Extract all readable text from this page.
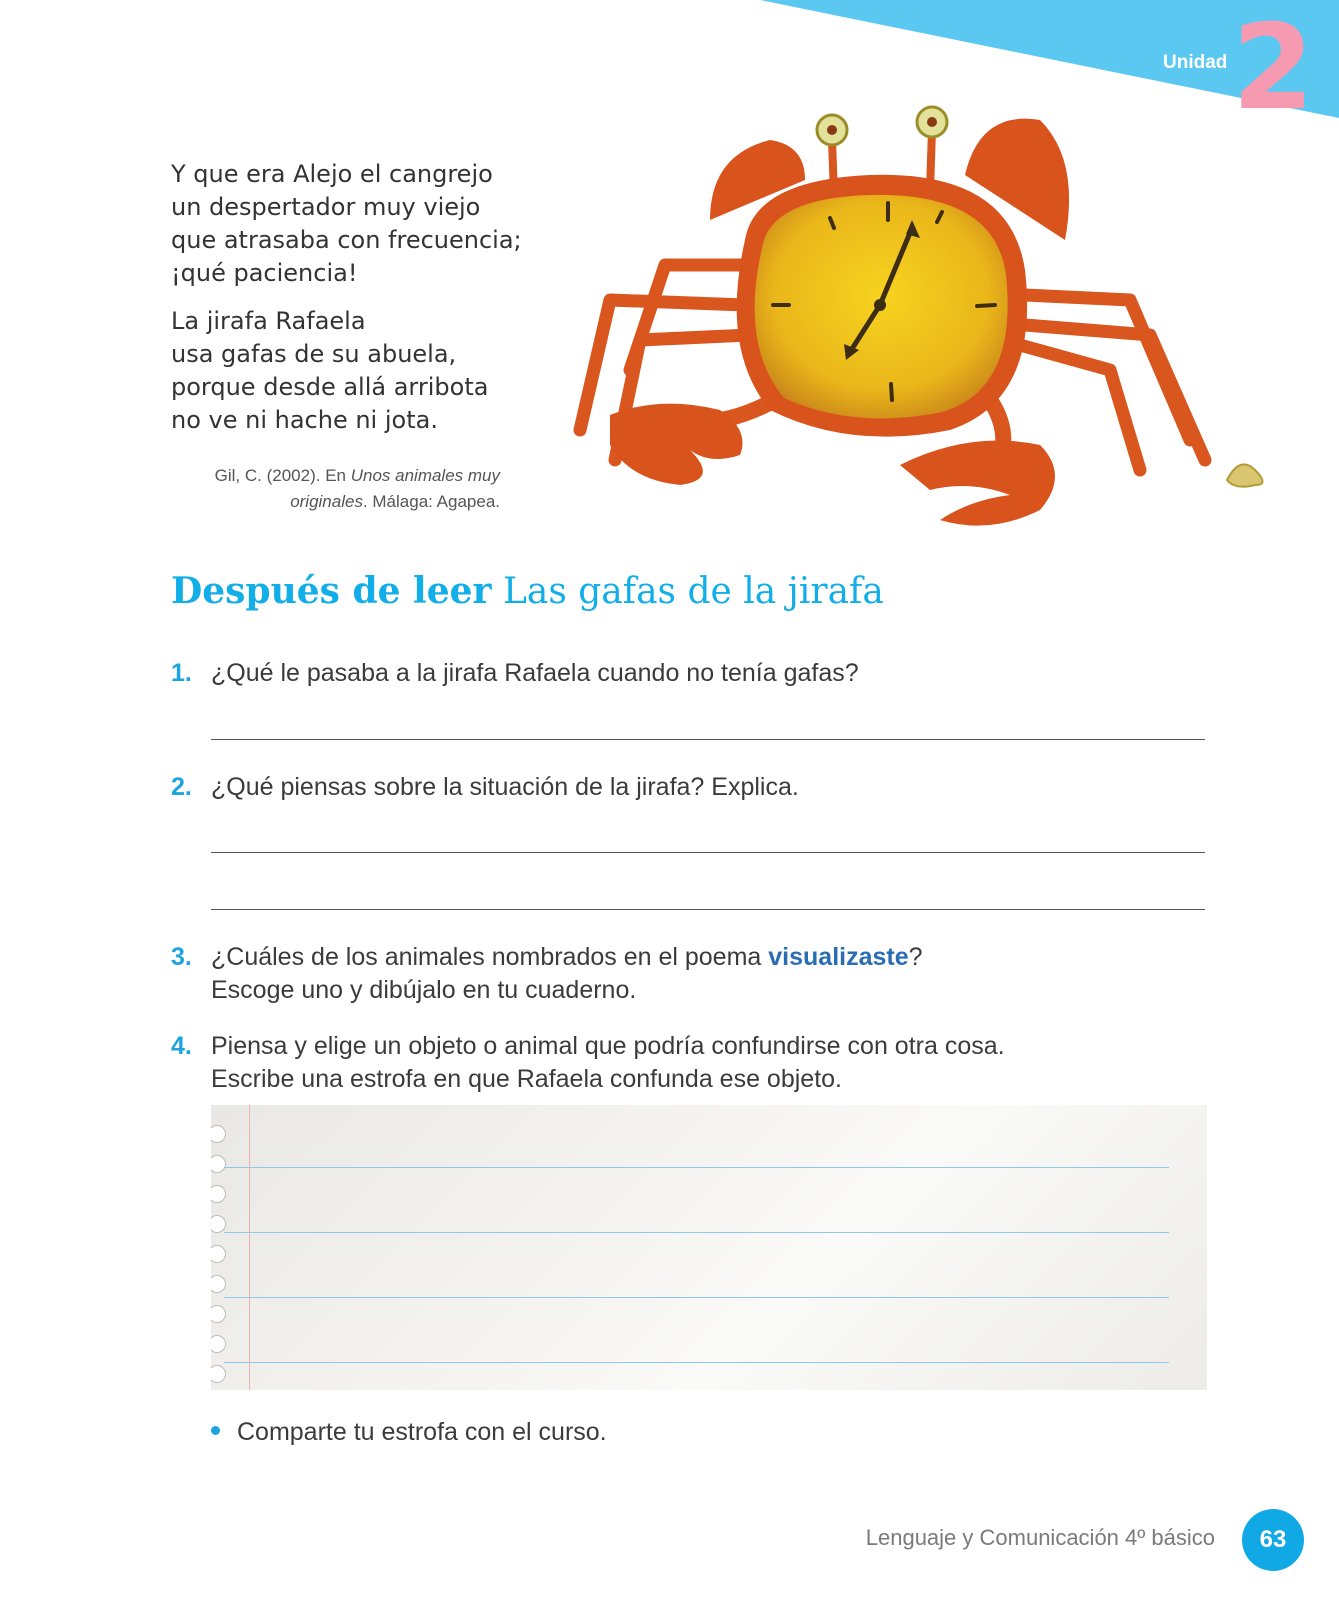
Unidad 2
Y que era Alejo el cangrejo
un despertador muy viejo
que atrasaba con frecuencia;
¡qué paciencia!
La jirafa Rafaela
usa gafas de su abuela,
porque desde allá arribota
no ve ni hache ni jota.
Gil, C. (2002). En Unos animales muy originales. Málaga: Agapea.
Después de leer Las gafas de la jirafa
1. ¿Qué le pasaba a la jirafa Rafaela cuando no tenía gafas?
2. ¿Qué piensas sobre la situación de la jirafa? Explica.
3. ¿Cuáles de los animales nombrados en el poema visualizaste?
Escoge uno y dibújalo en tu cuaderno.
4. Piensa y elige un objeto o animal que podría confundirse con otra cosa.
Escribe una estrofa en que Rafaela confunda ese objeto.
Comparte tu estrofa con el curso.
Lenguaje y Comunicación 4º básico	63
